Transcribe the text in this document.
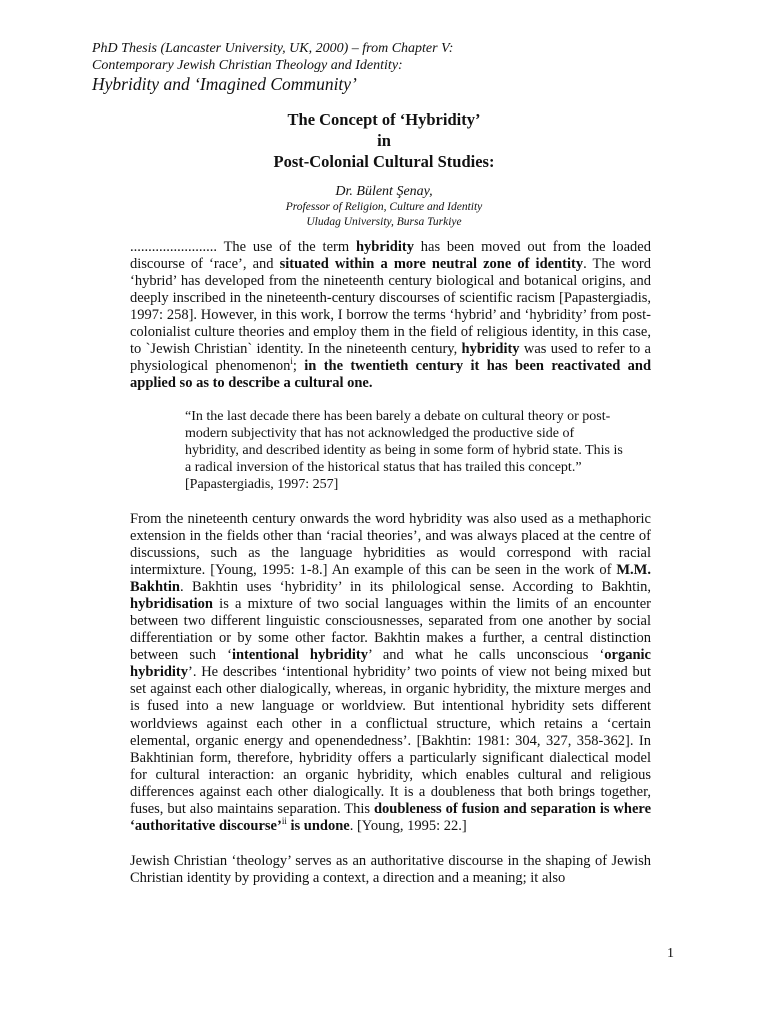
PhD Thesis (Lancaster University, UK, 2000) – from Chapter V:
Contemporary Jewish Christian Theology and Identity:
Hybridity and ‘Imagined Community’
The Concept of ‘Hybridity’
in
Post-Colonial Cultural Studies:
Dr. Bülent Şenay,
Professor of Religion, Culture and Identity
Uludag University, Bursa Turkiye

........................ The use of the term hybridity has been moved out from the loaded discourse of ‘race’, and situated within a more neutral zone of identity. The word ‘hybrid’ has developed from the nineteenth century biological and botanical origins, and deeply inscribed in the nineteenth-century discourses of scientific racism [Papastergiadis, 1997: 258]. However, in this work, I borrow the terms ‘hybrid’ and ‘hybridity’ from post-colonialist culture theories and employ them in the field of religious identity, in this case, to `Jewish Christian` identity. In the nineteenth century, hybridity was used to refer to a physiological phenomenon$^i$; in the twentieth century it has been reactivated and applied so as to describe a cultural one.

“In the last decade there has been barely a debate on cultural theory or post-modern subjectivity that has not acknowledged the productive side of hybridity, and described identity as being in some form of hybrid state. This is a radical inversion of the historical status that has trailed this concept.” [Papastergiadis, 1997: 257]

From the nineteenth century onwards the word hybridity was also used as a methaphoric extension in the fields other than ‘racial theories’, and was always placed at the centre of discussions, such as the language hybridities as would correspond with racial intermixture. [Young, 1995: 1-8.] An example of this can be seen in the work of M.M. Bakhtin. Bakhtin uses ‘hybridity’ in its philological sense. According to Bakhtin, hybridisation is a mixture of two social languages within the limits of an encounter between two different linguistic consciousnesses, separated from one another by social differentiation or by some other factor. Bakhtin makes a further, a central distinction between such ‘intentional hybridity’ and what he calls unconscious ‘organic hybridity’. He describes ‘intentional hybridity’ two points of view not being mixed but set against each other dialogically, whereas, in organic hybridity, the mixture merges and is fused into a new language or worldview. But intentional hybridity sets different worldviews against each other in a conflictual structure, which retains a ‘certain elemental, organic energy and openendedness’. [Bakhtin: 1981: 304, 327, 358-362]. In Bakhtinian form, therefore, hybridity offers a particularly significant dialectical model for cultural interaction: an organic hybridity, which enables cultural and religious differences against each other dialogically. It is a doubleness that both brings together, fuses, but also maintains separation. This doubleness of fusion and separation is where ‘authoritative discourse’$^{ii}$ is undone. [Young, 1995: 22.]

Jewish Christian ‘theology’ serves as an authoritative discourse in the shaping of Jewish Christian identity by providing a context, a direction and a meaning; it also

1
